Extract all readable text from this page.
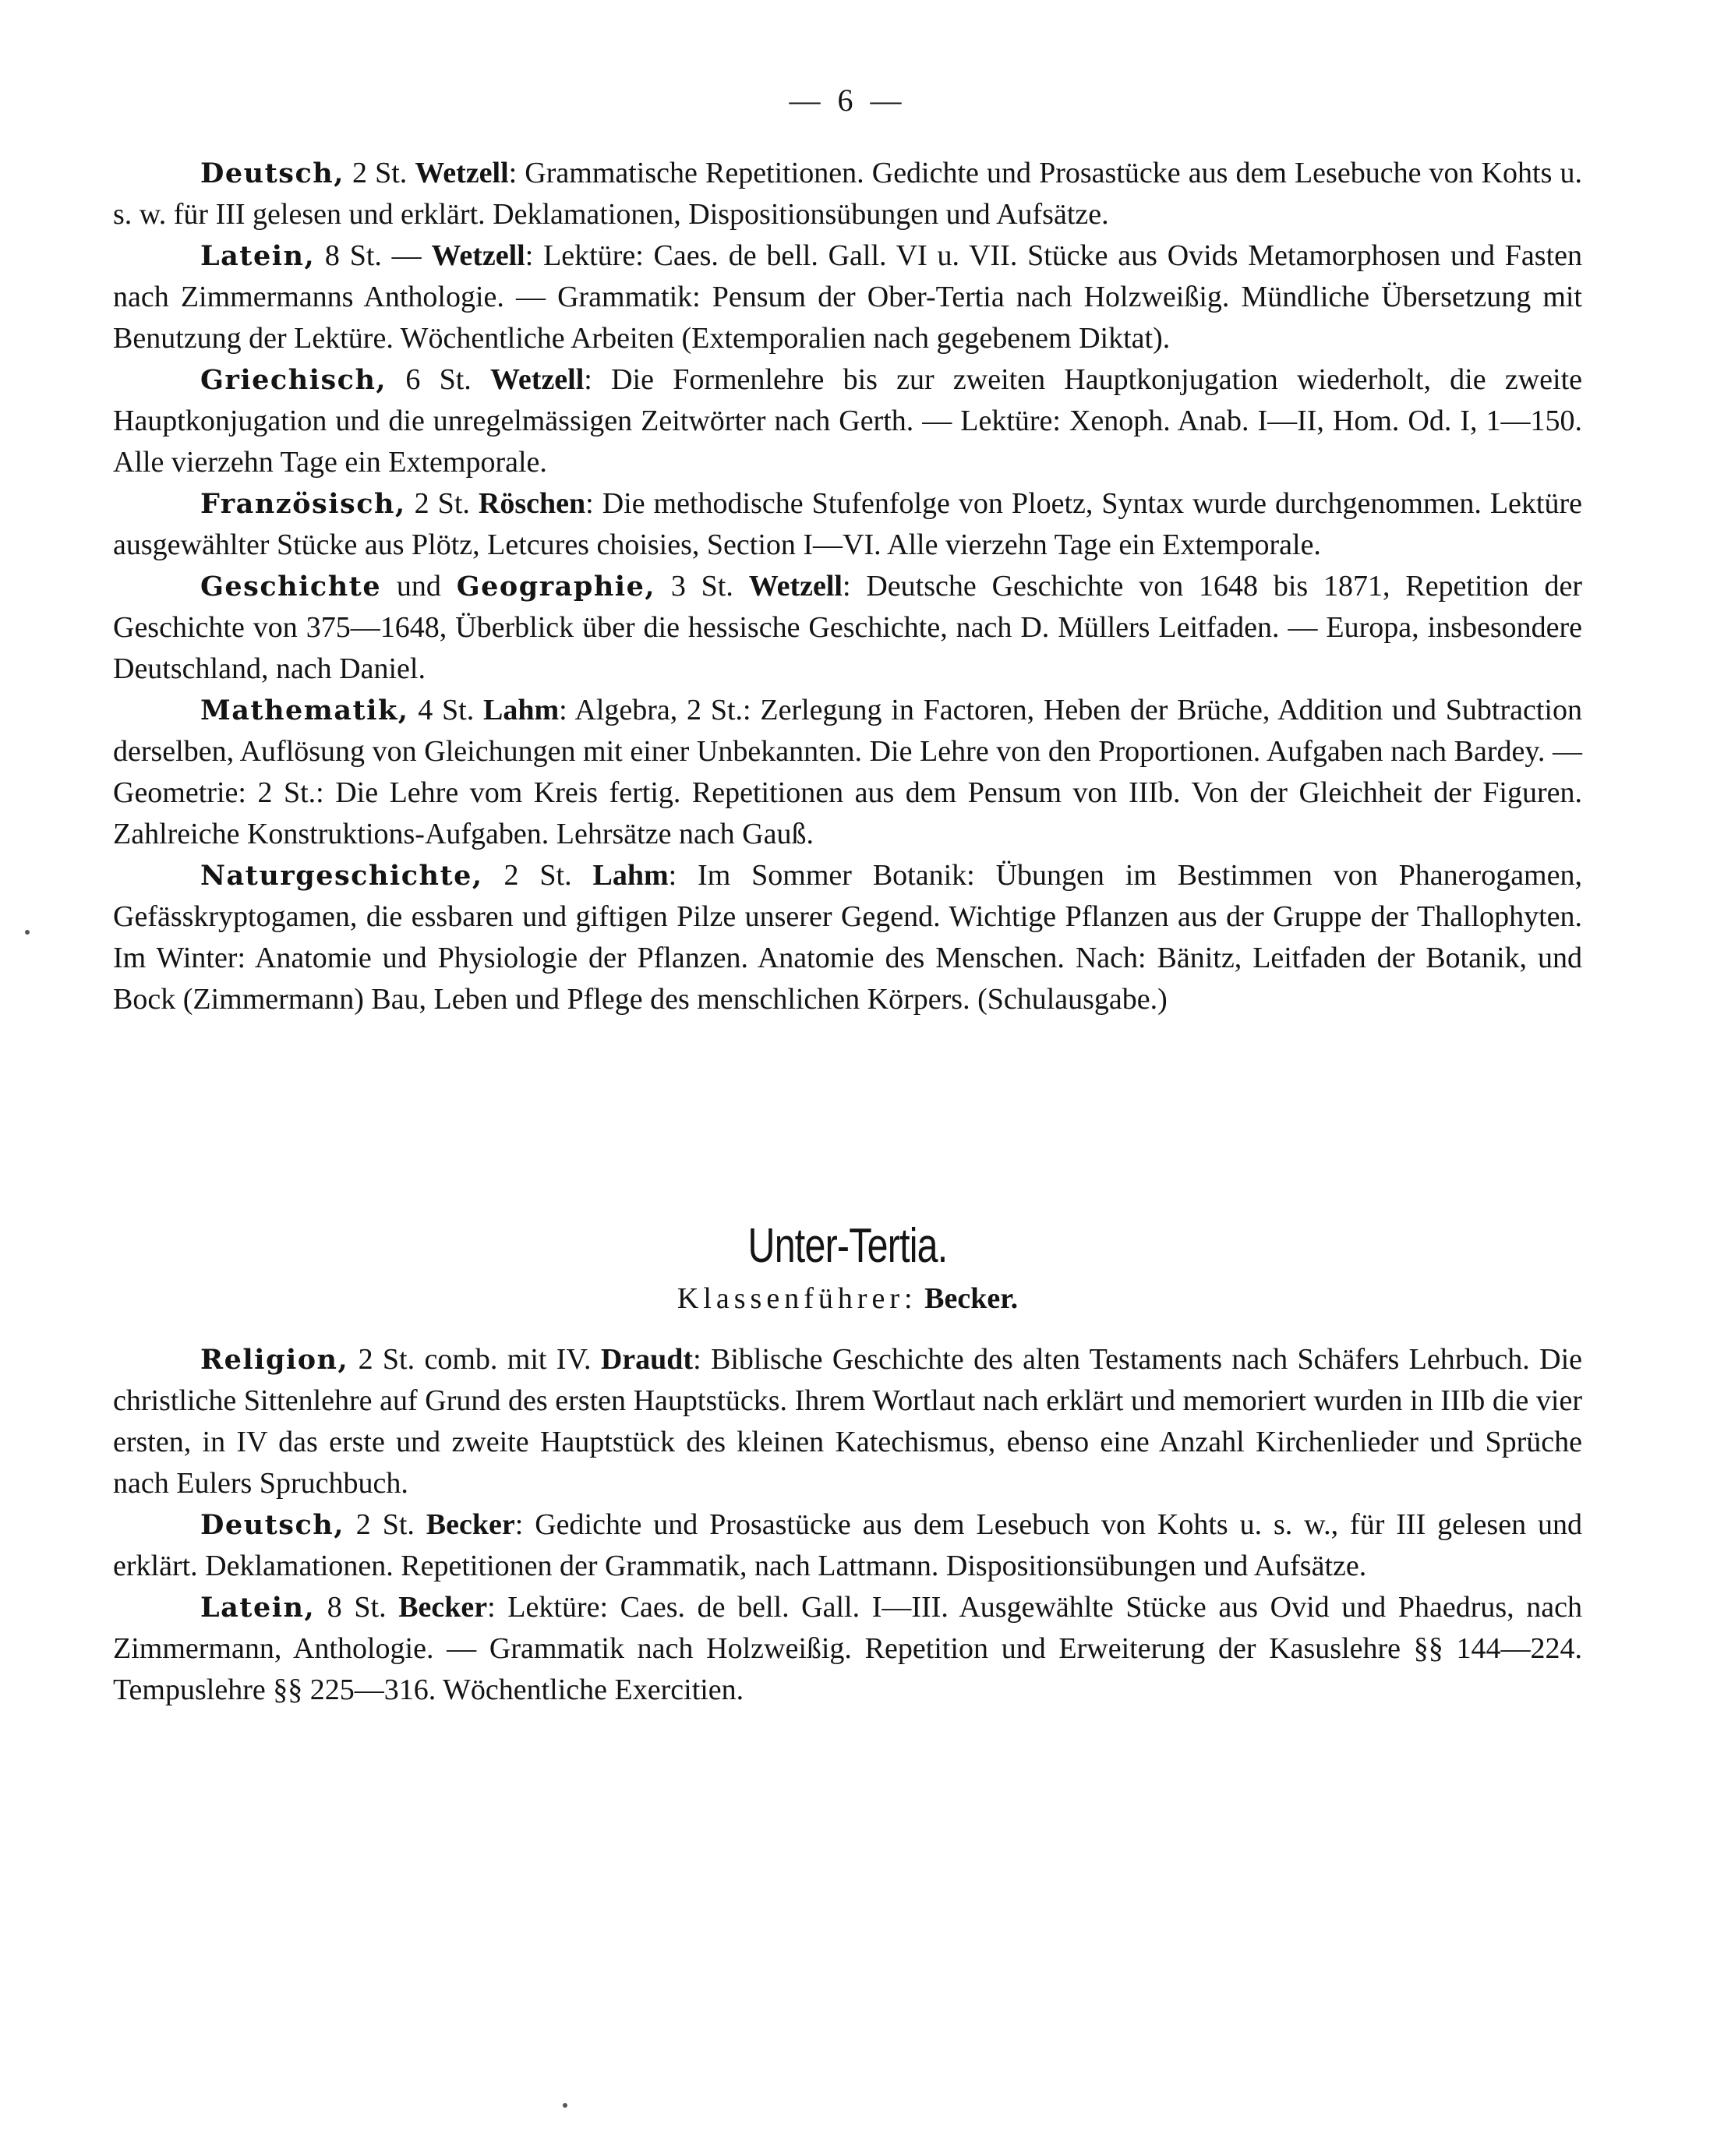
— 6 —

Deutsch, 2 St. Wetzell: Grammatische Repetitionen. Gedichte und Prosastücke aus dem Lesebuche von Kohts u. s. w. für III gelesen und erklärt. Deklamationen, Dispositionsübungen und Aufsätze.

Latein, 8 St. — Wetzell: Lektüre: Caes. de bell. Gall. VI u. VII. Stücke aus Ovids Metamorphosen und Fasten nach Zimmermanns Anthologie. — Grammatik: Pensum der Ober-Tertia nach Holzweißig. Mündliche Übersetzung mit Benutzung der Lektüre. Wöchentliche Arbeiten (Extemporalien nach gegebenem Diktat).

Griechisch, 6 St. Wetzell: Die Formenlehre bis zur zweiten Hauptkonjugation wiederholt, die zweite Hauptkonjugation und die unregelmässigen Zeitwörter nach Gerth. — Lektüre: Xenoph. Anab. I—II, Hom. Od. I, 1—150. Alle vierzehn Tage ein Extemporale.

Französisch, 2 St. Röschen: Die methodische Stufenfolge von Ploetz, Syntax wurde durchgenommen. Lektüre ausgewählter Stücke aus Plötz, Letcures choisies, Section I—VI. Alle vierzehn Tage ein Extemporale.

Geschichte und Geographie, 3 St. Wetzell: Deutsche Geschichte von 1648 bis 1871, Repetition der Geschichte von 375—1648, Überblick über die hessische Geschichte, nach D. Müllers Leitfaden. — Europa, insbesondere Deutschland, nach Daniel.

Mathematik, 4 St. Lahm: Algebra, 2 St.: Zerlegung in Factoren, Heben der Brüche, Addition und Subtraction derselben, Auflösung von Gleichungen mit einer Unbekannten. Die Lehre von den Proportionen. Aufgaben nach Bardey. — Geometrie: 2 St.: Die Lehre vom Kreis fertig. Repetitionen aus dem Pensum von IIIb. Von der Gleichheit der Figuren. Zahlreiche Konstruktions-Aufgaben. Lehrsätze nach Gauß.

Naturgeschichte, 2 St. Lahm: Im Sommer Botanik: Übungen im Bestimmen von Phanerogamen, Gefässkryptogamen, die essbaren und giftigen Pilze unserer Gegend. Wichtige Pflanzen aus der Gruppe der Thallophyten. Im Winter: Anatomie und Physiologie der Pflanzen. Anatomie des Menschen. Nach: Bänitz, Leitfaden der Botanik, und Bock (Zimmermann) Bau, Leben und Pflege des menschlichen Körpers. (Schulausgabe.)

Unter-Tertia.
Klassenführer: Becker.

Religion, 2 St. comb. mit IV. Draudt: Biblische Geschichte des alten Testaments nach Schäfers Lehrbuch. Die christliche Sittenlehre auf Grund des ersten Hauptstücks. Ihrem Wortlaut nach erklärt und memoriert wurden in IIIb die vier ersten, in IV das erste und zweite Hauptstück des kleinen Katechismus, ebenso eine Anzahl Kirchenlieder und Sprüche nach Eulers Spruchbuch.

Deutsch, 2 St. Becker: Gedichte und Prosastücke aus dem Lesebuch von Kohts u. s. w., für III gelesen und erklärt. Deklamationen. Repetitionen der Grammatik, nach Lattmann. Dispositionsübungen und Aufsätze.

Latein, 8 St. Becker: Lektüre: Caes. de bell. Gall. I—III. Ausgewählte Stücke aus Ovid und Phaedrus, nach Zimmermann, Anthologie. — Grammatik nach Holzweißig. Repetition und Erweiterung der Kasuslehre §§ 144—224. Tempuslehre §§ 225—316. Wöchentliche Exercitien.
